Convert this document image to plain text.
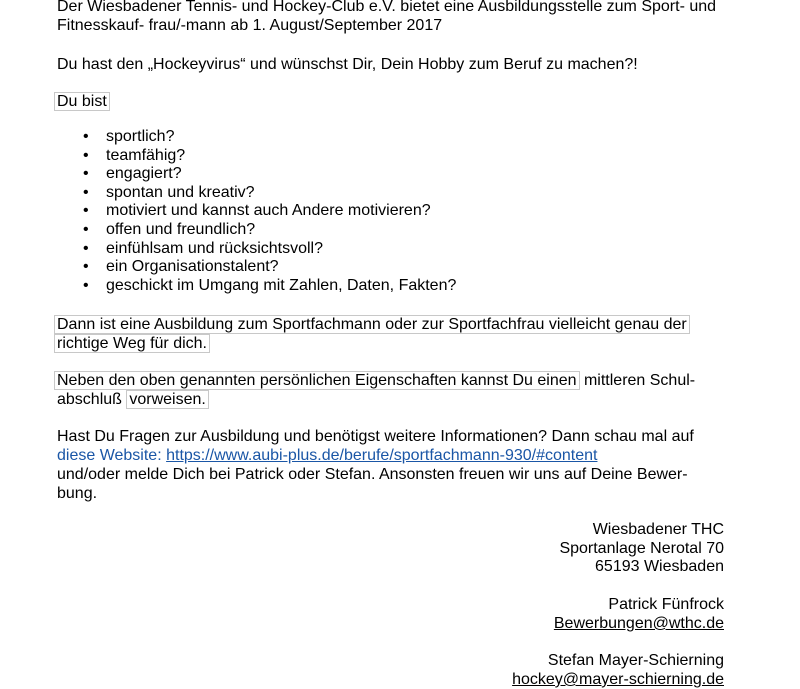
Der Wiesbadener Tennis- und Hockey-Club e.V. bietet eine Ausbildungsstelle zum Sport- und
Fitnesskauf- frau/-mann ab 1. August/September 2017
Du hast den „Hockeyvirus“ und wünschst Dir, Dein Hobby zum Beruf zu machen?!
Du bist
• sportlich?
• teamfähig?
• engagiert?
• spontan und kreativ?
• motiviert und kannst auch Andere motivieren?
• offen und freundlich?
• einfühlsam und rücksichtsvoll?
• ein Organisationstalent?
• geschickt im Umgang mit Zahlen, Daten, Fakten?
Dann ist eine Ausbildung zum Sportfachmann oder zur Sportfachfrau vielleicht genau der
richtige Weg für dich.
Neben den oben genannten persönlichen Eigenschaften kannst Du einen mittleren Schul-
abschluß vorweisen.
Hast Du Fragen zur Ausbildung und benötigst weitere Informationen? Dann schau mal auf
diese Website: https://www.aubi-plus.de/berufe/sportfachmann-930/#content
und/oder melde Dich bei Patrick oder Stefan. Ansonsten freuen wir uns auf Deine Bewer-
bung.
Wiesbadener THC
Sportanlage Nerotal 70
65193 Wiesbaden
Patrick Fünfrock
Bewerbungen@wthc.de
Stefan Mayer-Schierning
hockey@mayer-schierning.de
